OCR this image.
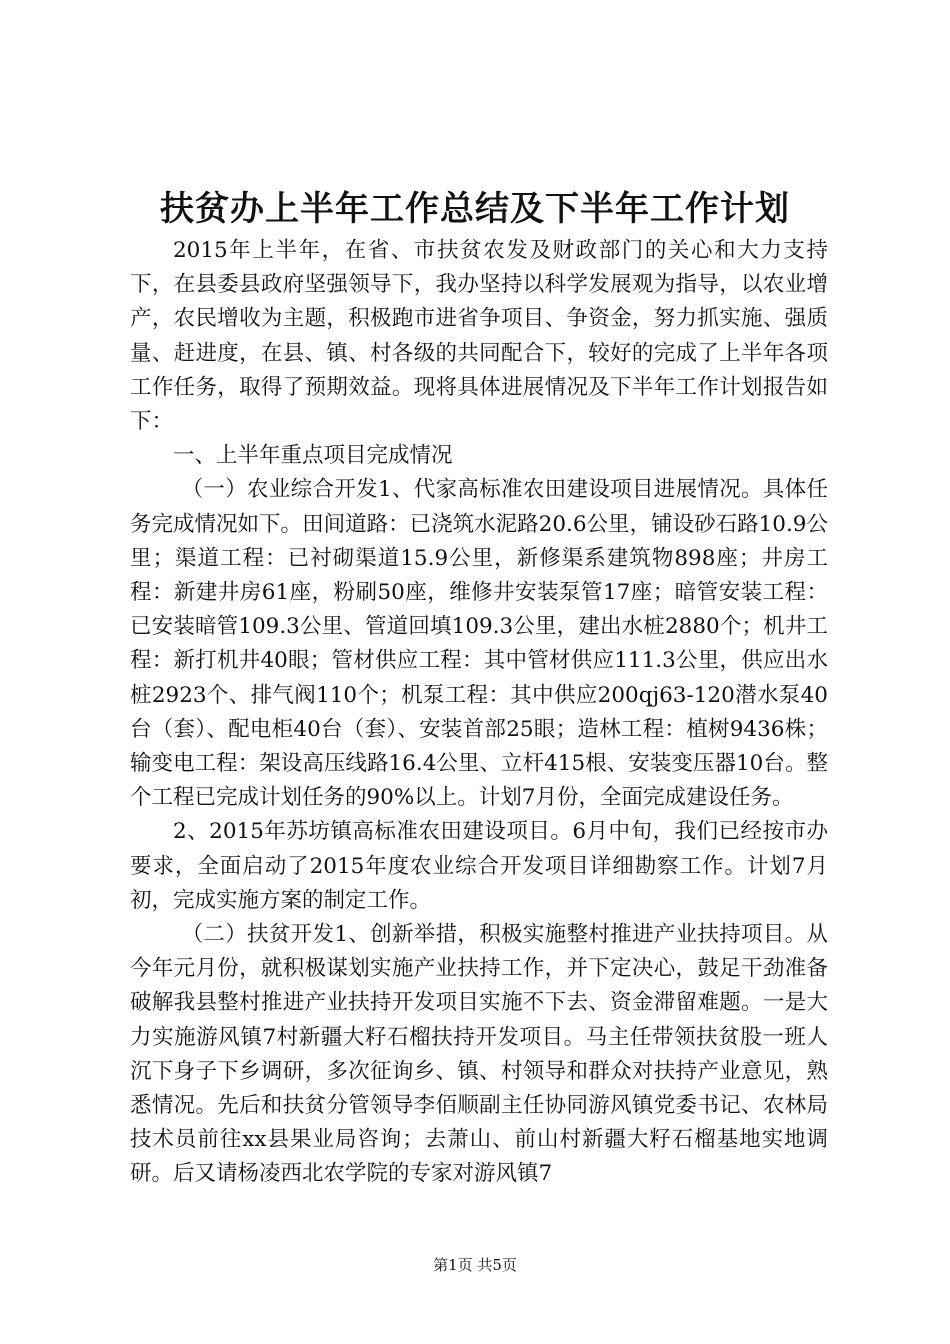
扶贫办上半年工作总结及下半年工作计划

2015年上半年，在省、市扶贫农发及财政部门的关心和大力支持下，在县委县政府坚强领导下，我办坚持以科学发展观为指导，以农业增产，农民增收为主题，积极跑市进省争项目、争资金，努力抓实施、强质量、赶进度，在县、镇、村各级的共同配合下，较好的完成了上半年各项工作任务，取得了预期效益。现将具体进展情况及下半年工作计划报告如下：

一、上半年重点项目完成情况

（一）农业综合开发1、代家高标准农田建设项目进展情况。具体任务完成情况如下。田间道路：已浇筑水泥路20.6公里，铺设砂石路10.9公里；渠道工程：已衬砌渠道15.9公里，新修渠系建筑物898座；井房工程：新建井房61座，粉刷50座，维修井安装泵管17座；暗管安装工程：已安装暗管109.3公里、管道回填109.3公里，建出水桩2880个；机井工程：新打机井40眼；管材供应工程：其中管材供应111.3公里，供应出水桩2923个、排气阀110个；机泵工程：其中供应200qj63-120潜水泵40台（套）、配电柜40台（套）、安装首部25眼；造林工程：植树9436株；输变电工程：架设高压线路16.4公里、立杆415根、安装变压器10台。整个工程已完成计划任务的90%以上。计划7月份，全面完成建设任务。

2、2015年苏坊镇高标准农田建设项目。6月中旬，我们已经按市办要求，全面启动了2015年度农业综合开发项目详细勘察工作。计划7月初，完成实施方案的制定工作。

（二）扶贫开发1、创新举措，积极实施整村推进产业扶持项目。从今年元月份，就积极谋划实施产业扶持工作，并下定决心，鼓足干劲准备破解我县整村推进产业扶持开发项目实施不下去、资金滞留难题。一是大力实施游风镇7村新疆大籽石榴扶持开发项目。马主任带领扶贫股一班人沉下身子下乡调研，多次征询乡、镇、村领导和群众对扶持产业意见，熟悉情况。先后和扶贫分管领导李佰顺副主任协同游风镇党委书记、农林局技术员前往xx县果业局咨询；去萧山、前山村新疆大籽石榴基地实地调研。后又请杨凌西北农学院的专家对游风镇7

第1页 共5页
